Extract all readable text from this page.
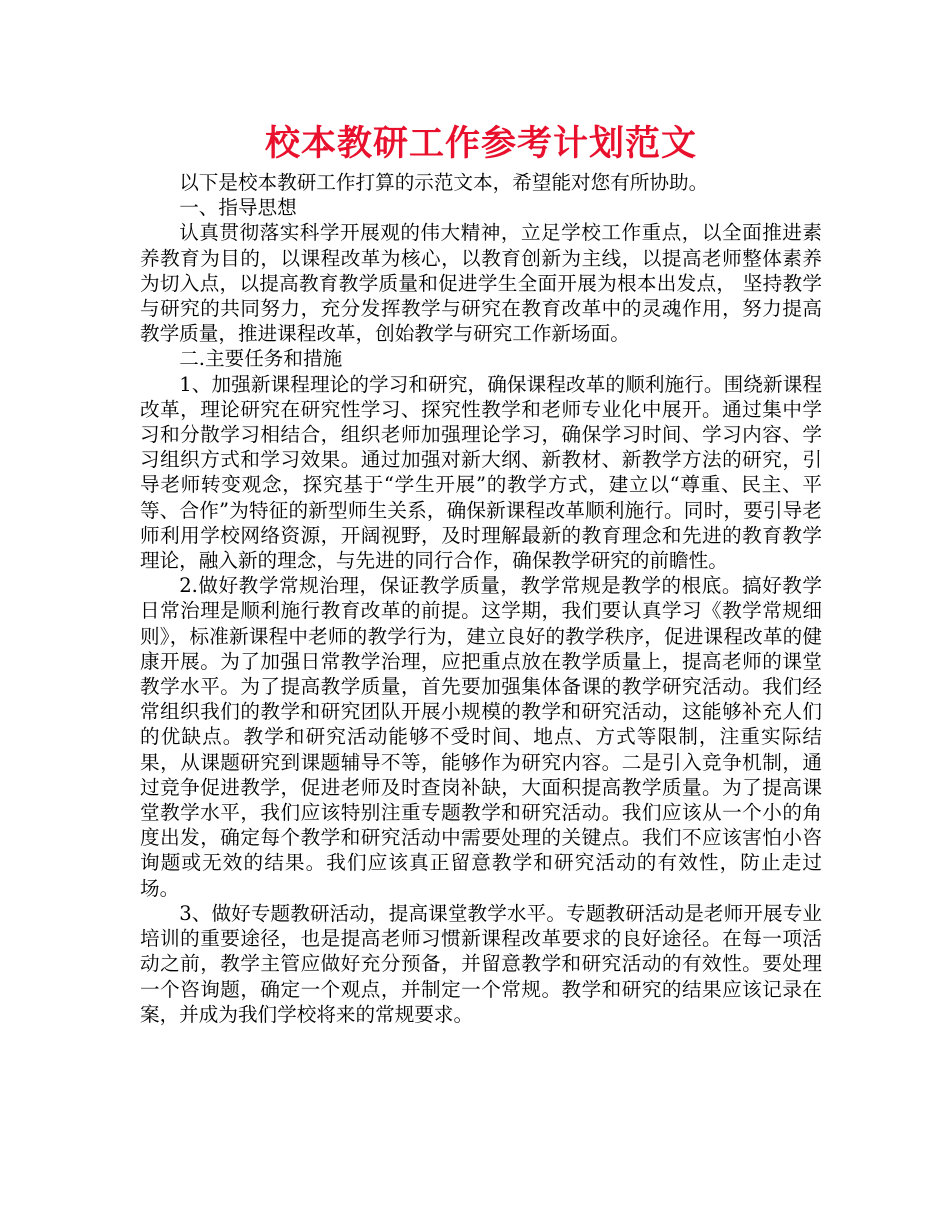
校本教研工作参考计划范文

以下是校本教研工作打算的示范文本，希望能对您有所协助。

一、指导思想

认真贯彻落实科学开展观的伟大精神，立足学校工作重点，以全面推进素养教育为目的，以课程改革为核心，以教育创新为主线，以提高老师整体素养为切入点，以提高教育教学质量和促进学生全面开展为根本出发点， 坚持教学与研究的共同努力，充分发挥教学与研究在教育改革中的灵魂作用，努力提高教学质量，推进课程改革，创始教学与研究工作新场面。

二.主要任务和措施

1、加强新课程理论的学习和研究，确保课程改革的顺利施行。围绕新课程改革，理论研究在研究性学习、探究性教学和老师专业化中展开。通过集中学习和分散学习相结合，组织老师加强理论学习，确保学习时间、学习内容、学习组织方式和学习效果。通过加强对新大纲、新教材、新教学方法的研究，引导老师转变观念，探究基于“学生开展”的教学方式，建立以“尊重、民主、平等、合作”为特征的新型师生关系，确保新课程改革顺利施行。同时，要引导老师利用学校网络资源，开阔视野，及时理解最新的教育理念和先进的教育教学理论，融入新的理念，与先进的同行合作，确保教学研究的前瞻性。

2.做好教学常规治理，保证教学质量，教学常规是教学的根底。搞好教学日常治理是顺利施行教育改革的前提。这学期，我们要认真学习《教学常规细则》，标准新课程中老师的教学行为，建立良好的教学秩序，促进课程改革的健康开展。为了加强日常教学治理，应把重点放在教学质量上，提高老师的课堂教学水平。为了提高教学质量，首先要加强集体备课的教学研究活动。我们经常组织我们的教学和研究团队开展小规模的教学和研究活动，这能够补充人们的优缺点。教学和研究活动能够不受时间、地点、方式等限制，注重实际结果，从课题研究到课题辅导不等，能够作为研究内容。二是引入竞争机制，通过竞争促进教学，促进老师及时查岗补缺，大面积提高教学质量。为了提高课堂教学水平，我们应该特别注重专题教学和研究活动。我们应该从一个小的角度出发，确定每个教学和研究活动中需要处理的关键点。我们不应该害怕小咨询题或无效的结果。我们应该真正留意教学和研究活动的有效性，防止走过场。

3、做好专题教研活动，提高课堂教学水平。专题教研活动是老师开展专业培训的重要途径，也是提高老师习惯新课程改革要求的良好途径。在每一项活动之前，教学主管应做好充分预备，并留意教学和研究活动的有效性。要处理一个咨询题，确定一个观点，并制定一个常规。教学和研究的结果应该记录在案，并成为我们学校将来的常规要求。
